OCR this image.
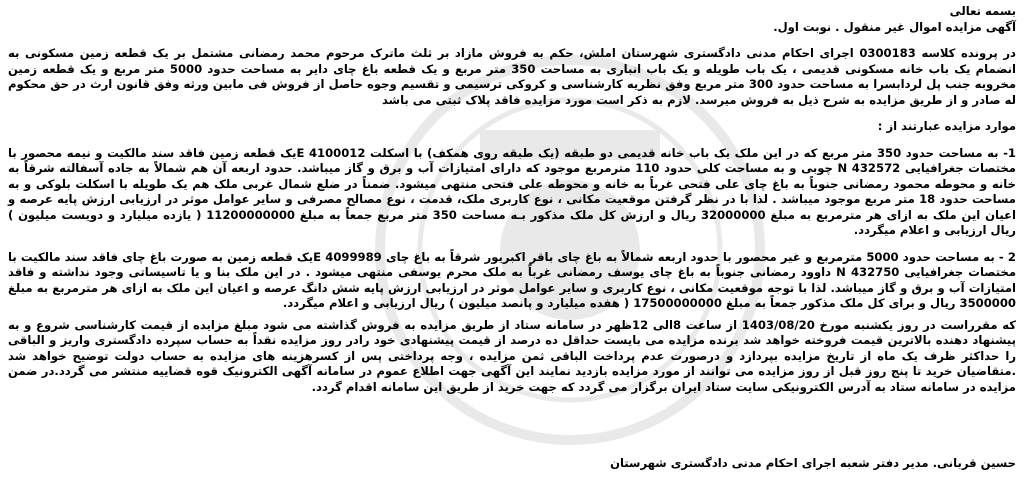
بسمه تعالی
آگهی مزایده اموال غیر منقول . نوبت اول.
در پرونده کلاسه 0300183 اجرای احکام مدنی دادگستری شهرستان املش، حکم به فروش مازاد بر ثلث ماترک مرحوم محمد رمضانی مشتمل بر یک قطعه زمین مسکونی به انضمام یک باب خانه مسکونی قدیمی ، یک باب طویله و یک باب انباری به مساحت 350 متر مربع و یک قطعه باغ چای دایر به مساحت حدود 5000 متر مربع و یک قطعه زمین مخروبه جنب پل لردابسرا به مساحت حدود 300 متر مربع وفق نظریه کارشناسی و کروکی ترسیمی و تقسیم وجوه حاصل از فروش فی مابین ورثه وفق قانون ارث در حق محکوم له صادر و از طریق مزایده به شرح ذیل به فروش میرسد. لازم به ذکر است مورد مزایده فاقد پلاک ثبتی می باشد
موارد مزایده عبارتند از :
1- به مساحت حدود 350 متر مربع که در این ملک یک باب خانه قدیمی دو طبقه (یک طبقه روی همکف) با اسکلت 4100012 Eیک قطعه زمین فاقد سند مالکیت و نیمه محصور با مختصات جغرافیایی 432572 N چوبی و به مساحت کلی حدود 110 مترمربع موجود که دارای امتیازات آب و برق و گاز میباشد. حدود اربعه آن هم شمالاً به جاده آسفالته شرقاً به خانه و محوطه محمود رمضانی جنوباً به باغ چای علی فتحی غرباً به خانه و محوطه علی فتحی منتهی میشود. ضمناً در ضلع شمال غربی ملک هم یک طویله با اسکلت بلوکی و به مساحت حدود 18 متر مربع موجود میباشد . لذا با در نظر گرفتن موقعیت مکانی ، نوع کاربری ملک، قدمت ، نوع مصالح مصرفی و سایر عوامل موثر در ارزیابی ارزش پایه عرصه و اعیان این ملک به ازای هر مترمربع به مبلغ 32000000 ریال و ارزش کل ملک مذکور بـه مساحت 350 متر مربع جمعاً به مبلغ 11200000000 ( یازده میلیارد و دویست میلیون ) ریال ارزیابی و اعلام میگردد.
2 - به مساحت حدود 5000 مترمربع و غیر محصور با حدود اربعه شمالاً به باغ چای باقر اکبریور شرقاً به باغ چای 4099989 Eیک قطعه زمین به صورت باغ چای فاقد سند مالکیت با مختصات جغرافیایی 432750 N داوود رمضانی جنوباً به باغ چای یوسف رمضانی غرباً به ملک محرم یوسفی منتهی میشود . در این ملک بنا و یا تاسیساتی وجود نداشته و فاقد امتیازات آب و برق و گاز میباشد. لذا با توجه موقعیت مکانی ، نوع کاربری و سایر عوامل موثر در ارزیابی ارزش پایه شش دانگ عرصه و اعیان این ملک به ازای هر مترمربع به مبلغ 3500000 ریال و برای کل ملک مذکور جمعاً به مبلغ 17500000000 ( هفده میلیارد و پانصد میلیون ) ریال ارزیابی و اعلام میگردد.
که مقرراست در روز یکشنبه مورخ 1403/08/20 از ساعت 8الی 12ظهر در سامانه ستاد از طریق مزایده به فروش گذاشته می شود مبلغ مزایده از قیمت کارشناسی شروع و به پیشنهاد دهنده بالاترین قیمت فروخته خواهد شد برنده مزایده می بایست حداقل ده درصد از قیمت پیشنهادی خود رادر روز مزایده نقداً به حساب سپرده دادگستری واریز و الباقی را حداکثر ظرف یک ماه از تاریخ مزایده بپردازد و درصورت عدم پرداخت الباقی ثمن مزایده ، وجه پرداختی پس از کسرهزینه های مزایده به حساب دولت توضیح خواهد شد .متقاضیان خرید تا پنج روز قبل از روز مزایده می توانند از مورد مزایده بازدید نمایند این آگهی جهت اطلاع عموم در سامانه آگهی الکترونیک قوه قضاییه منتشر می گردد.در ضمن مزایده در سامانه ستاد به آدرس الکترونیکی سایت ستاد ایران برگزار می گردد که جهت خرید از طریق این سامانه اقدام گردد.
حسین قربانی. مدیر دفتر شعبه اجرای احکام مدنی دادگستری شهرستان
